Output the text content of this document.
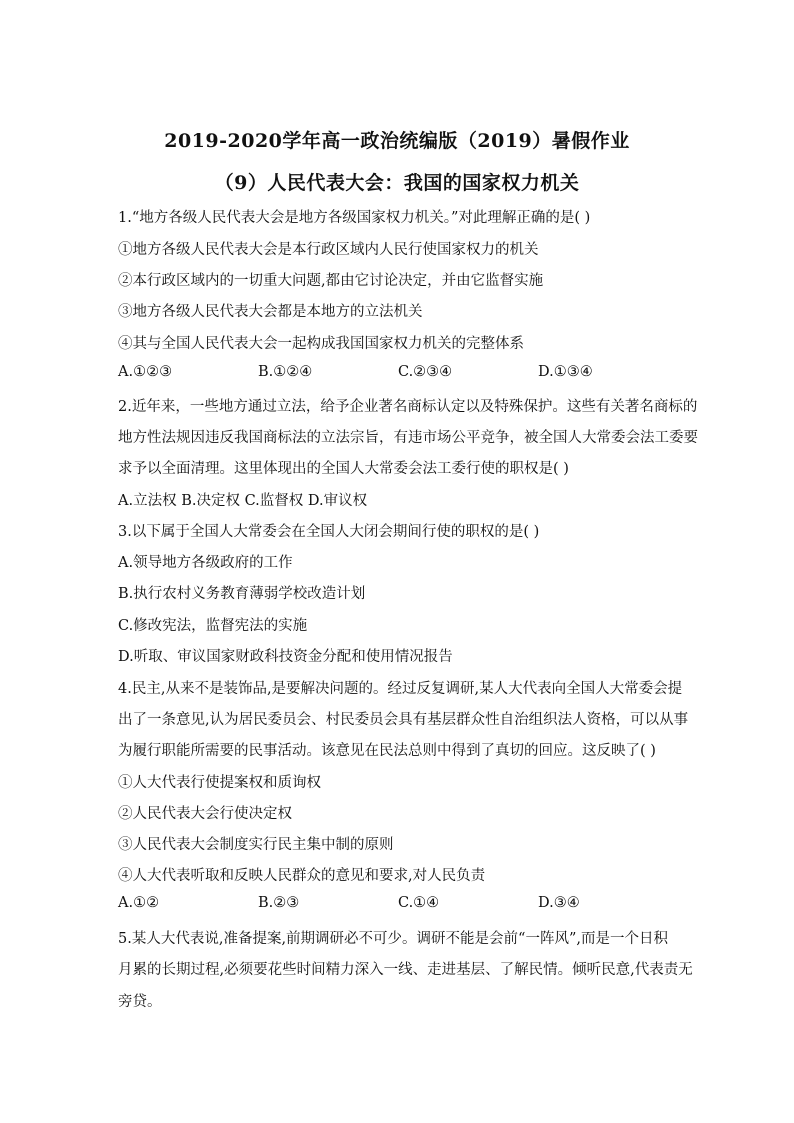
2019-2020学年高一政治统编版（2019）暑假作业
（9）人民代表大会：我国的国家权力机关
1.“地方各级人民代表大会是地方各级国家权力机关。”对此理解正确的是( )
①地方各级人民代表大会是本行政区域内人民行使国家权力的机关
②本行政区域内的一切重大问题,都由它讨论决定，并由它监督实施
③地方各级人民代表大会都是本地方的立法机关
④其与全国人民代表大会一起构成我国国家权力机关的完整体系
A.①②③	B.①②④	C.②③④	D.①③④
2.近年来，一些地方通过立法，给予企业著名商标认定以及特殊保护。这些有关著名商标的
地方性法规因违反我国商标法的立法宗旨，有违市场公平竞争，被全国人大常委会法工委要
求予以全面清理。这里体现出的全国人大常委会法工委行使的职权是( )
A.立法权 B.决定权 C.监督权 D.审议权
3.以下属于全国人大常委会在全国人大闭会期间行使的职权的是( )
A.领导地方各级政府的工作
B.执行农村义务教育薄弱学校改造计划
C.修改宪法，监督宪法的实施
D.听取、审议国家财政科技资金分配和使用情况报告
4.民主,从来不是装饰品,是要解决问题的。经过反复调研,某人大代表向全国人大常委会提
出了一条意见,认为居民委员会、村民委员会具有基层群众性自治组织法人资格，可以从事
为履行职能所需要的民事活动。该意见在民法总则中得到了真切的回应。这反映了( )
①人大代表行使提案权和质询权
②人民代表大会行使决定权
③人民代表大会制度实行民主集中制的原则
④人大代表听取和反映人民群众的意见和要求,对人民负责
A.①②	B.②③	C.①④	D.③④
5.某人大代表说,准备提案,前期调研必不可少。调研不能是会前“一阵风”,而是一个日积
月累的长期过程,必须要花些时间精力深入一线、走进基层、了解民情。倾听民意,代表责无
旁贷。
